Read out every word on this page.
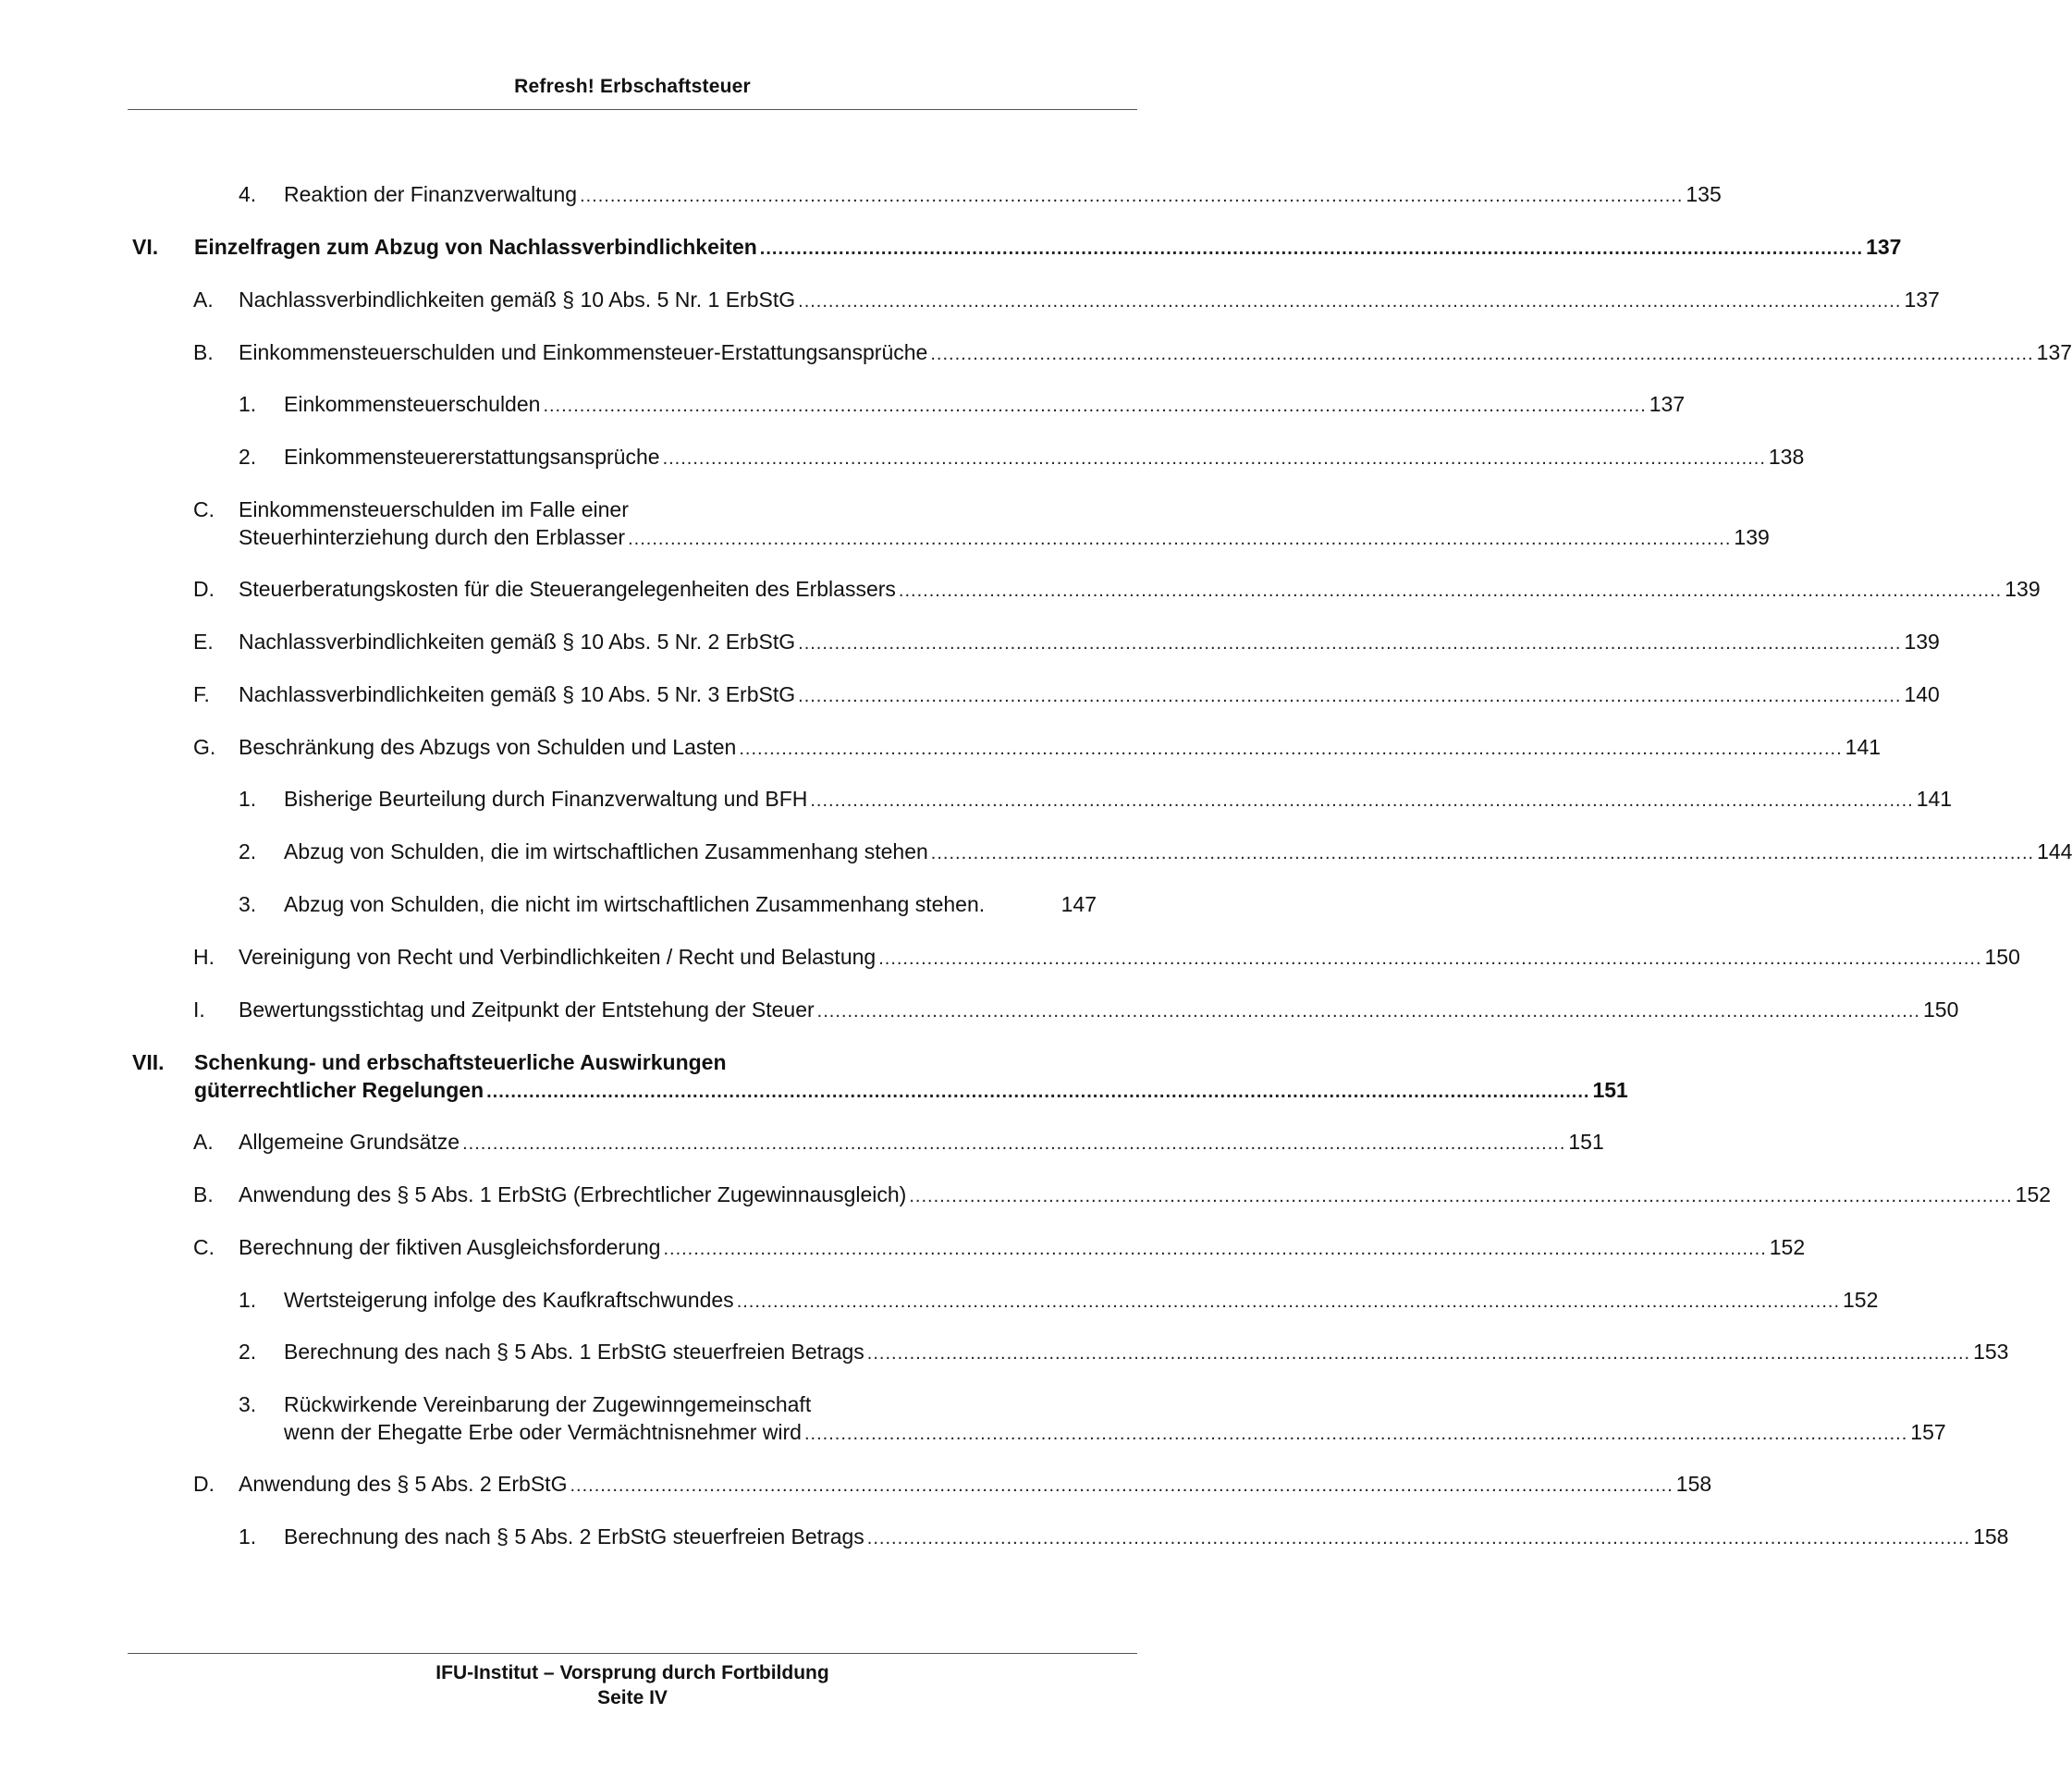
Refresh! Erbschaftsteuer
4. Reaktion der Finanzverwaltung ...................................................................................................................................................................................... 135
VI. Einzelfragen zum Abzug von Nachlassverbindlichkeiten ...................................................................................................................................................................................... 137
A. Nachlassverbindlichkeiten gemäß § 10 Abs. 5 Nr. 1 ErbStG ...................................................................................................................................................................................... 137
B. Einkommensteuerschulden und Einkommensteuer-Erstattungsansprüche ...................................................................................................................................................................................... 137
1. Einkommensteuerschulden ...................................................................................................................................................................................... 137
2. Einkommensteuererstattungsansprüche ...................................................................................................................................................................................... 138
C. Einkommensteuerschulden im Falle einer
Steuerhinterziehung durch den Erblasser ...................................................................................................................................................................................... 139
D. Steuerberatungskosten für die Steuerangelegenheiten des Erblassers ...................................................................................................................................................................................... 139
E. Nachlassverbindlichkeiten gemäß § 10 Abs. 5 Nr. 2 ErbStG ...................................................................................................................................................................................... 139
F. Nachlassverbindlichkeiten gemäß § 10 Abs. 5 Nr. 3 ErbStG ...................................................................................................................................................................................... 140
G. Beschränkung des Abzugs von Schulden und Lasten ...................................................................................................................................................................................... 141
1. Bisherige Beurteilung durch Finanzverwaltung und BFH ...................................................................................................................................................................................... 141
2. Abzug von Schulden, die im wirtschaftlichen Zusammenhang stehen ...................................................................................................................................................................................... 144
3. Abzug von Schulden, die nicht im wirtschaftlichen Zusammenhang stehen.	147
H. Vereinigung von Recht und Verbindlichkeiten / Recht und Belastung ...................................................................................................................................................................................... 150
I. Bewertungsstichtag und Zeitpunkt der Entstehung der Steuer ...................................................................................................................................................................................... 150
VII. Schenkung- und erbschaftsteuerliche Auswirkungen
güterrechtlicher Regelungen ...................................................................................................................................................................................... 151
A. Allgemeine Grundsätze ...................................................................................................................................................................................... 151
B. Anwendung des § 5 Abs. 1 ErbStG (Erbrechtlicher Zugewinnausgleich) ...................................................................................................................................................................................... 152
C. Berechnung der fiktiven Ausgleichsforderung ...................................................................................................................................................................................... 152
1. Wertsteigerung infolge des Kaufkraftschwundes ...................................................................................................................................................................................... 152
2. Berechnung des nach § 5 Abs. 1 ErbStG steuerfreien Betrags ...................................................................................................................................................................................... 153
3. Rückwirkende Vereinbarung der Zugewinngemeinschaft
wenn der Ehegatte Erbe oder Vermächtnisnehmer wird ...................................................................................................................................................................................... 157
D. Anwendung des § 5 Abs. 2 ErbStG ...................................................................................................................................................................................... 158
1. Berechnung des nach § 5 Abs. 2 ErbStG steuerfreien Betrags ...................................................................................................................................................................................... 158
IFU-Institut – Vorsprung durch Fortbildung
Seite IV
